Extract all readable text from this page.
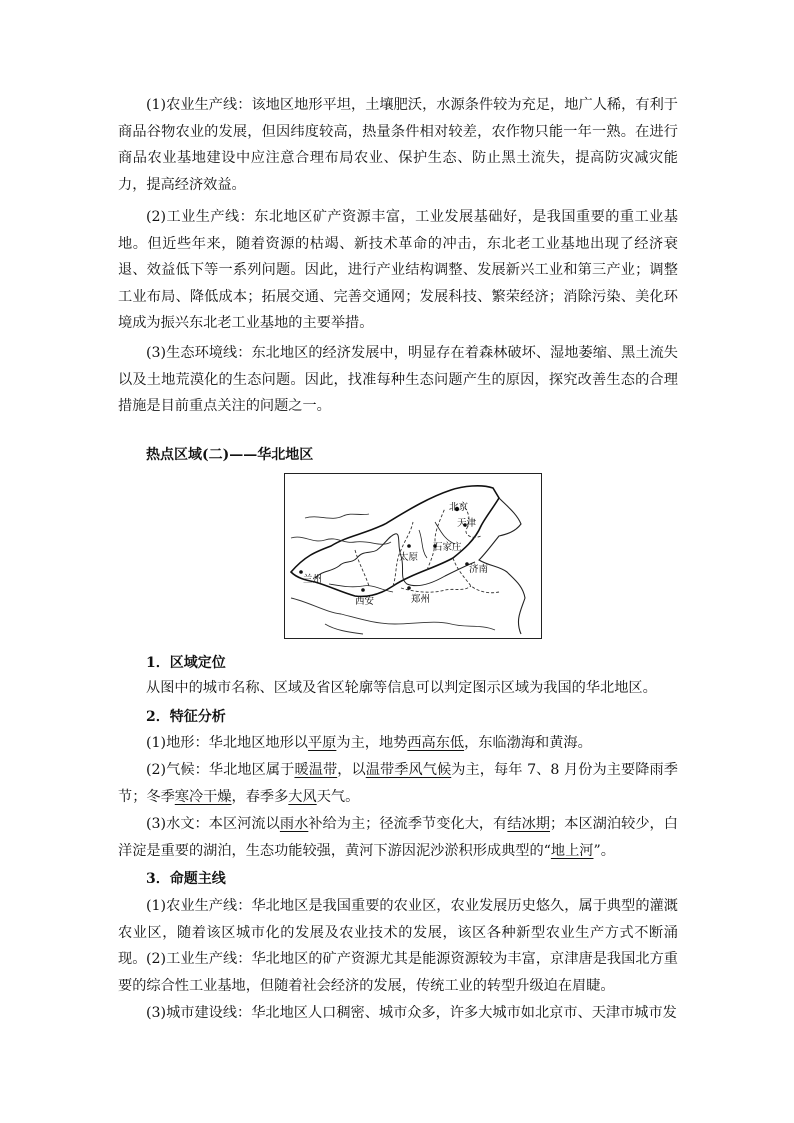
(1)农业生产线：该地区地形平坦，土壤肥沃，水源条件较为充足，地广人稀，有利于商品谷物农业的发展，但因纬度较高，热量条件相对较差，农作物只能一年一熟。在进行商品农业基地建设中应注意合理布局农业、保护生态、防止黑土流失，提高防灾减灾能力，提高经济效益。

(2)工业生产线：东北地区矿产资源丰富，工业发展基础好，是我国重要的重工业基地。但近些年来，随着资源的枯竭、新技术革命的冲击，东北老工业基地出现了经济衰退、效益低下等一系列问题。因此，进行产业结构调整、发展新兴工业和第三产业；调整工业布局、降低成本；拓展交通、完善交通网；发展科技、繁荣经济；消除污染、美化环境成为振兴东北老工业基地的主要举措。

(3)生态环境线：东北地区的经济发展中，明显存在着森林破坏、湿地萎缩、黑土流失以及土地荒漠化的生态问题。因此，找准每种生态问题产生的原因，探究改善生态的合理措施是目前重点关注的问题之一。

热点区域(二)——华北地区
北京
天津
太原
石家庄
济南
兰州
西安	郑州
1．区域定位

从图中的城市名称、区域及省区轮廓等信息可以判定图示区域为我国的华北地区。

2．特征分析

(1)地形：华北地区地形以平原为主，地势西高东低，东临渤海和黄海。

(2)气候：华北地区属于暖温带，以温带季风气候为主，每年 7、8 月份为主要降雨季节；冬季寒冷干燥，春季多大风天气。

(3)水文：本区河流以雨水补给为主；径流季节变化大，有结冰期；本区湖泊较少，白洋淀是重要的湖泊，生态功能较强，黄河下游因泥沙淤积形成典型的“地上河”。

3．命题主线

(1)农业生产线：华北地区是我国重要的农业区，农业发展历史悠久，属于典型的灌溉农业区，随着该区城市化的发展及农业技术的发展，该区各种新型农业生产方式不断涌现。 (2)工业生产线：华北地区的矿产资源尤其是能源资源较为丰富，京津唐是我国北方重要的综合性工业基地，但随着社会经济的发展，传统工业的转型升级迫在眉睫。

(3)城市建设线：华北地区人口稠密、城市众多，许多大城市如北京市、天津市城市发
